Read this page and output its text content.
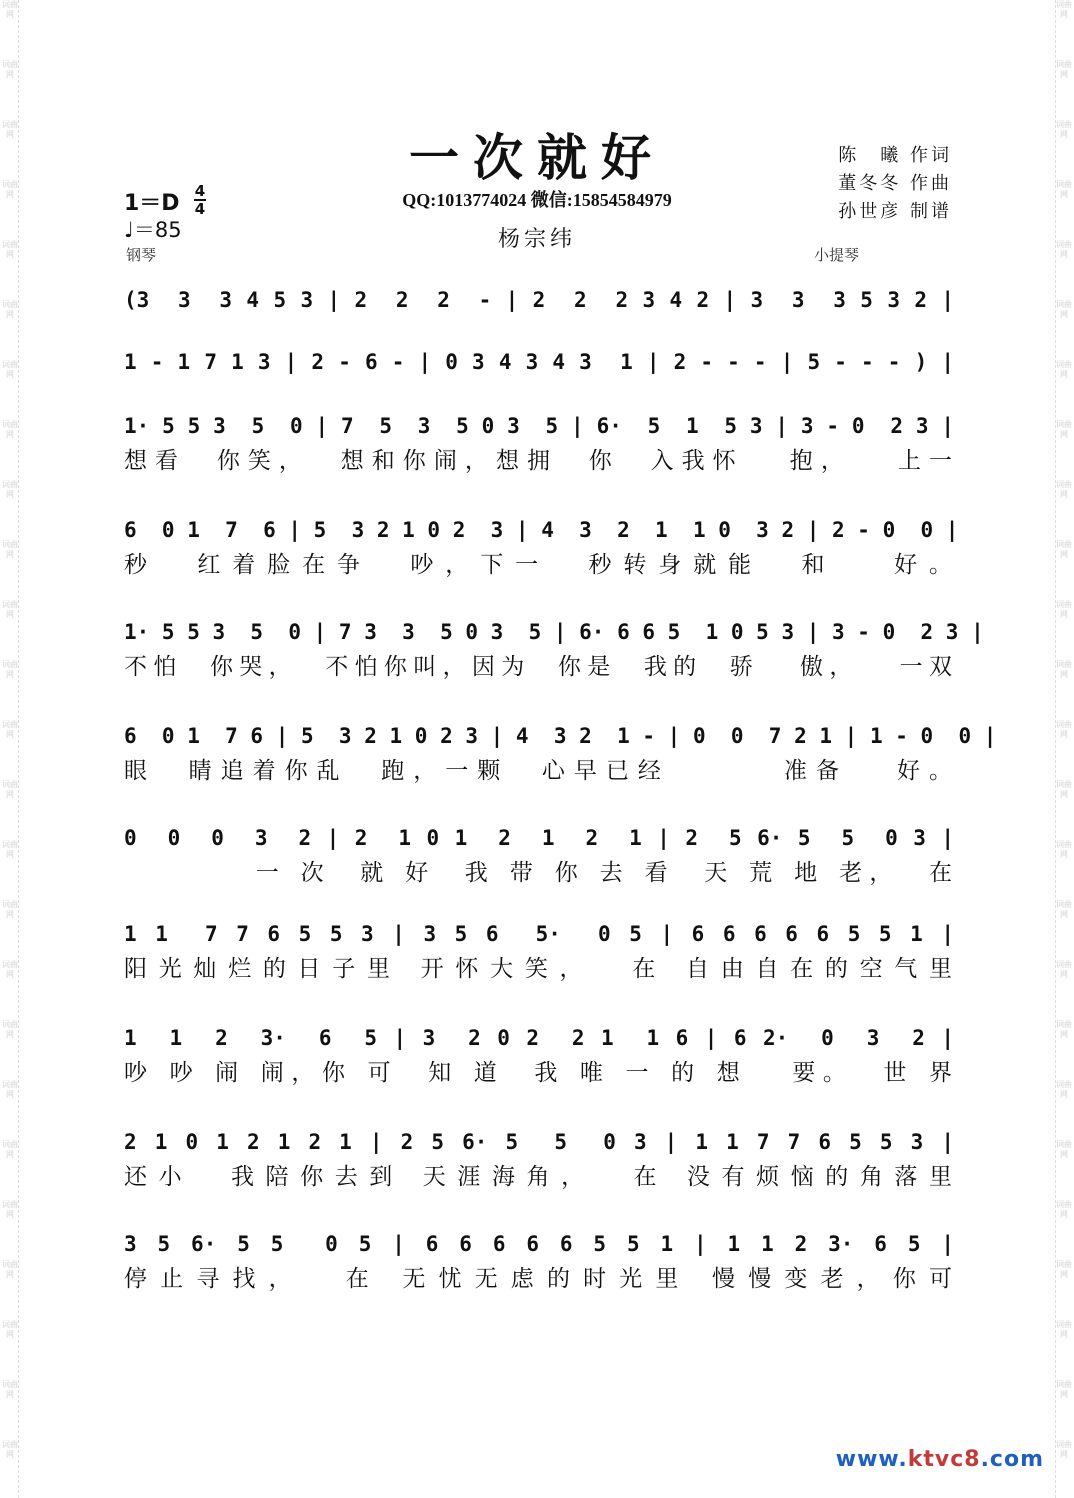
词曲网
词曲网
词曲网
词曲网
词曲网
词曲网
词曲网
词曲网
词曲网
词曲网
词曲网
词曲网
词曲网
词曲网
词曲网
词曲网
词曲网
词曲网
词曲网
词曲网
词曲网
词曲网
词曲网
词曲网
词曲网
词曲网
词曲网
词曲网
词曲网
词曲网
词曲网
词曲网
词曲网
词曲网
词曲网
词曲网
词曲网
词曲网
词曲网
词曲网
词曲网
词曲网
词曲网
词曲网
词曲网
词曲网
词曲网
词曲网
词曲网
词曲网
一次就好
QQ:1013774024 微信:15854584979
杨宗纬
陈　曦 作词
董冬冬 作曲
孙世彦 制谱
1＝D 4
4
♩＝85
钢琴	小提琴
(3  3  3 4 5 3 | 2  2  2  - | 2  2  2 3 4 2 | 3  3  3 5 3 2 |
1 - 1 7 1 3 | 2 - 6 - | 0 3 4 3 4 3  1 | 2 - - - | 5 - - - ) |
1· 5 5 3  5  0 | 7  5  3  5 0 3  5 | 6·  5  1  5 3 | 3 - 0  2 3 |
想看  你笑，  想和你闹，想拥  你  入我怀   抱，   上一
6  0 1  7  6 | 5  3 2 1 0 2  3 | 4  3  2  1  1 0  3 2 | 2 - 0  0 |
秒  红着脸在争  吵，下一  秒转身就能  和   好。
1· 5 5 3  5  0 | 7 3  3  5 0 3  5 | 6· 6 6 5  1 0 5 3 | 3 - 0  2 3 |
不怕  你哭，  不怕你叫，因为  你是  我的  骄   傲，   一双
6  0 1  7 6 | 5  3 2 1 0 2 3 | 4  3 2  1 - | 0  0  7 2 1 | 1 - 0  0 |
眼  睛追着你乱  跑，一颗  心早已经       准备   好。
0  0  0  3  2 | 2  1 0 1  2  1  2  1 | 2  5 6· 5  5  0 3 |
一 次  就 好  我 带 你 去 看  天 荒 地 老，  在
1 1  7 7 6 5 5 3 | 3 5 6  5·  0 5 | 6 6 6 6 6 5 5 1 |
阳光灿烂的日子里 开怀大笑，  在 自由自在的空气里
1  1  2  3·  6  5 | 3  2 0 2  2 1  1 6 | 6 2·  0  3  2 |
吵 吵 闹 闹，你 可  知 道  我 唯 一 的 想   要。  世 界
2 1 0 1 2 1 2 1 | 2 5 6· 5  5  0 3 | 1 1 7 7 6 5 5 3 |
还小  我陪你去到 天涯海角，  在 没有烦恼的角落里
3 5 6· 5 5  0 5 | 6 6 6 6 6 5 5 1 | 1 1 2 3· 6 5 |
停止寻找，  在 无忧无虑的时光里 慢慢变老，你可
www.ktvc8.com
